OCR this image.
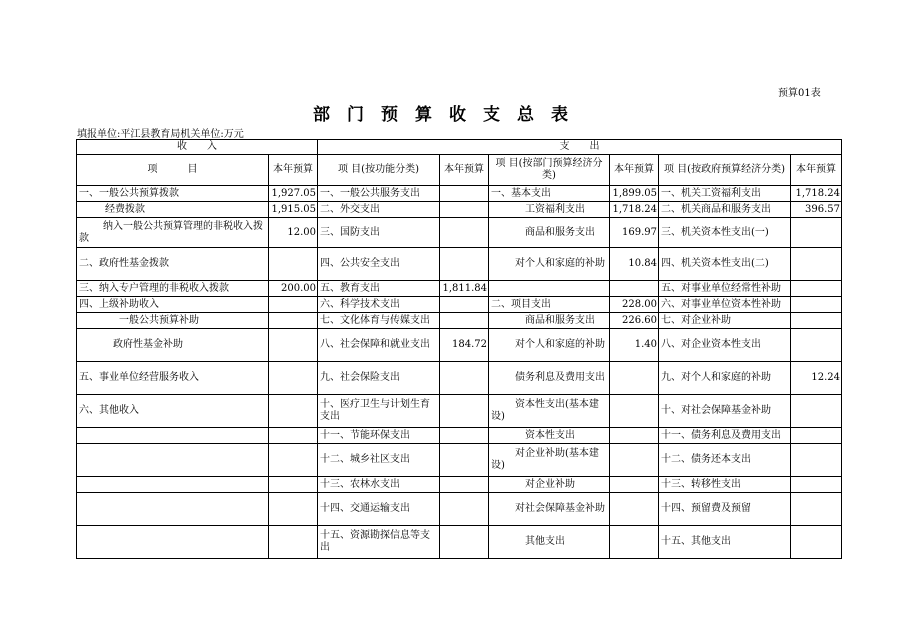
预算01表
部门预算收支总表
填报单位:平江县教育局机关单位:万元
收　　入		支　　出					
项　　　目	本年预算	项 目(按功能分类)	本年预算	项 目(按部门预算经济分类)	本年预算	项 目(按政府预算经济分类)	本年预算
一、一般公共预算拨款	1,927.05	一、一般公共服务支出		一、基本支出	1,899.05	一、机关工资福利支出	1,718.24
经费拨款	1,915.05	二、外交支出		工资福利支出	1,718.24	二、机关商品和服务支出	396.57
纳入一般公共预算管理的非税收入拨款	12.00	三、国防支出		商品和服务支出	169.97	三、机关资本性支出(一)	
二、政府性基金拨款		四、公共安全支出		对个人和家庭的补助	10.84	四、机关资本性支出(二)	
三、纳入专户管理的非税收入拨款	200.00	五、教育支出	1,811.84			五、对事业单位经常性补助	
四、上级补助收入		六、科学技术支出		二、项目支出	228.00	六、对事业单位资本性补助	
一般公共预算补助		七、文化体育与传媒支出		商品和服务支出	226.60	七、对企业补助	
政府性基金补助		八、社会保障和就业支出	184.72	对个人和家庭的补助	1.40	八、对企业资本性支出	
五、事业单位经营服务收入		九、社会保险支出		债务利息及费用支出		九、对个人和家庭的补助	12.24
六、其他收入		十、医疗卫生与计划生育支出		资本性支出(基本建设)		十、对社会保障基金补助	
		十一、节能环保支出		资本性支出		十一、债务利息及费用支出	
		十二、城乡社区支出		对企业补助(基本建设)		十二、债务还本支出	
		十三、农林水支出		对企业补助		十三、转移性支出	
		十四、交通运输支出		对社会保障基金补助		十四、预留费及预留	
		十五、资源勘探信息等支出		其他支出		十五、其他支出	
